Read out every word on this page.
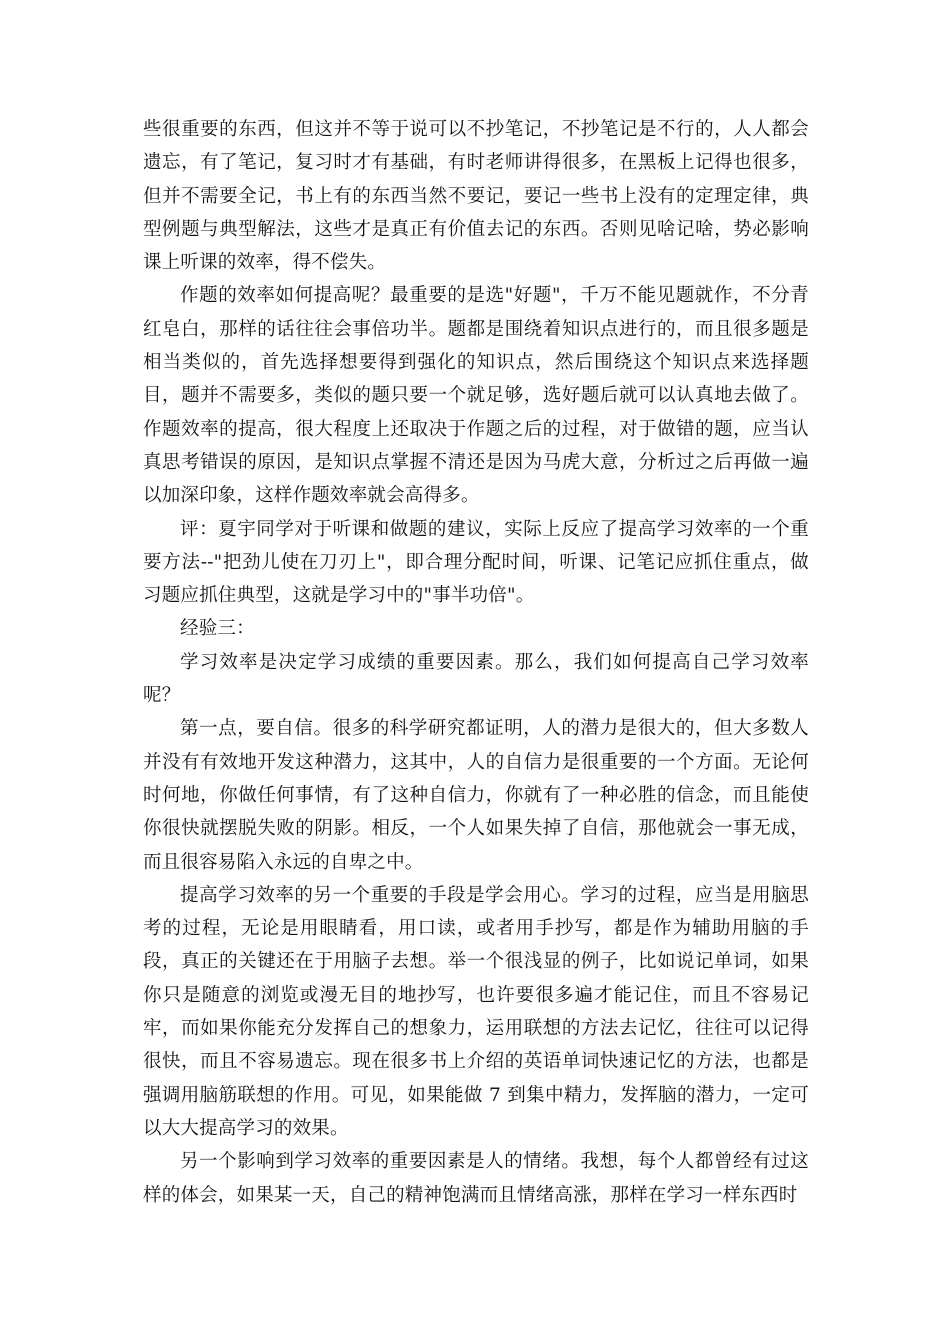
些很重要的东西，但这并不等于说可以不抄笔记，不抄笔记是不行的，人人都会遗忘，有了笔记，复习时才有基础，有时老师讲得很多，在黑板上记得也很多，但并不需要全记，书上有的东西当然不要记，要记一些书上没有的定理定律，典型例题与典型解法，这些才是真正有价值去记的东西。否则见啥记啥，势必影响课上听课的效率，得不偿失。

作题的效率如何提高呢？最重要的是选"好题"，千万不能见题就作，不分青红皂白，那样的话往往会事倍功半。题都是围绕着知识点进行的，而且很多题是相当类似的，首先选择想要得到强化的知识点，然后围绕这个知识点来选择题目，题并不需要多，类似的题只要一个就足够，选好题后就可以认真地去做了。作题效率的提高，很大程度上还取决于作题之后的过程，对于做错的题，应当认真思考错误的原因，是知识点掌握不清还是因为马虎大意，分析过之后再做一遍以加深印象，这样作题效率就会高得多。

评：夏宇同学对于听课和做题的建议，实际上反应了提高学习效率的一个重要方法--"把劲儿使在刀刃上"，即合理分配时间，听课、记笔记应抓住重点，做习题应抓住典型，这就是学习中的"事半功倍"。

经验三：

学习效率是决定学习成绩的重要因素。那么，我们如何提高自己学习效率呢？

第一点，要自信。很多的科学研究都证明，人的潜力是很大的，但大多数人并没有有效地开发这种潜力，这其中，人的自信力是很重要的一个方面。无论何时何地，你做任何事情，有了这种自信力，你就有了一种必胜的信念，而且能使你很快就摆脱失败的阴影。相反，一个人如果失掉了自信，那他就会一事无成，而且很容易陷入永远的自卑之中。

提高学习效率的另一个重要的手段是学会用心。学习的过程，应当是用脑思考的过程，无论是用眼睛看，用口读，或者用手抄写，都是作为辅助用脑的手段，真正的关键还在于用脑子去想。举一个很浅显的例子，比如说记单词，如果你只是随意的浏览或漫无目的地抄写，也许要很多遍才能记住，而且不容易记牢，而如果你能充分发挥自己的想象力，运用联想的方法去记忆，往往可以记得很快，而且不容易遗忘。现在很多书上介绍的英语单词快速记忆的方法，也都是强调用脑筋联想的作用。可见，如果能做 7 到集中精力，发挥脑的潜力，一定可以大大提高学习的效果。

另一个影响到学习效率的重要因素是人的情绪。我想，每个人都曾经有过这样的体会，如果某一天，自己的精神饱满而且情绪高涨，那样在学习一样东西时
